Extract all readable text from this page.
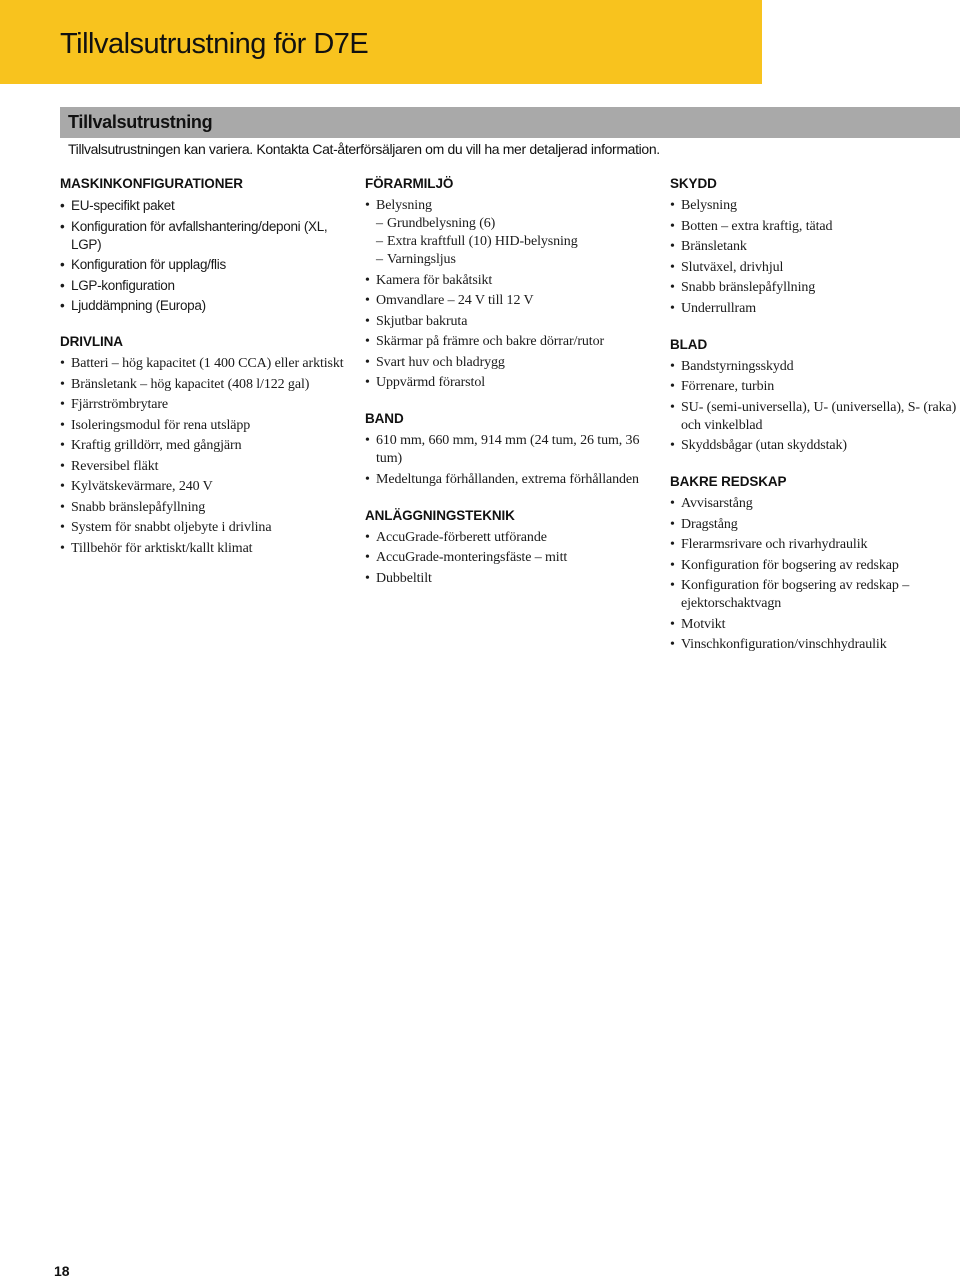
Tillvalsutrustning för D7E
Tillvalsutrustning

Tillvalsutrustningen kan variera. Kontakta Cat-återförsäljaren om du vill ha mer detaljerad information.

MASKINKONFIGURATIONER
• EU-specifikt paket
• Konfiguration för avfallshantering/deponi (XL, LGP)
• Konfiguration för upplag/flis
• LGP-konfiguration
• Ljuddämpning (Europa)
DRIVLINA
• Batteri – hög kapacitet (1 400 CCA) eller arktiskt
• Bränsletank – hög kapacitet (408 l/122 gal)
• Fjärrströmbrytare
• Isoleringsmodul för rena utsläpp
• Kraftig grilldörr, med gångjärn
• Reversibel fläkt
• Kylvätskevärmare, 240 V
• Snabb bränslepåfyllning
• System för snabbt oljebyte i drivlina
• Tillbehör för arktiskt/kallt klimat
FÖRARMILJÖ
• Belysning
– Grundbelysning (6)
– Extra kraftfull (10) HID-belysning
– Varningsljus
• Kamera för bakåtsikt
• Omvandlare – 24 V till 12 V
• Skjutbar bakruta
• Skärmar på främre och bakre dörrar/rutor
• Svart huv och bladrygg
• Uppvärmd förarstol
BAND
• 610 mm, 660 mm, 914 mm (24 tum, 26 tum, 36 tum)
• Medeltunga förhållanden, extrema förhållanden
ANLÄGGNINGSTEKNIK
• AccuGrade-förberett utförande
• AccuGrade-monteringsfäste – mitt
• Dubbeltilt
SKYDD
• Belysning
• Botten – extra kraftig, tätad
• Bränsletank
• Slutväxel, drivhjul
• Snabb bränslepåfyllning
• Underrullram
BLAD
• Bandstyrningsskydd
• Förrenare, turbin
• SU- (semi-universella), U- (universella), S- (raka) och vinkelblad
• Skyddsbågar (utan skyddstak)
BAKRE REDSKAP
• Avvisarstång
• Dragstång
• Flerarmsrivare och rivarhydraulik
• Konfiguration för bogsering av redskap
• Konfiguration för bogsering av redskap – ejektorschaktvagn
• Motvikt
• Vinschkonfiguration/vinschhydraulik
18
